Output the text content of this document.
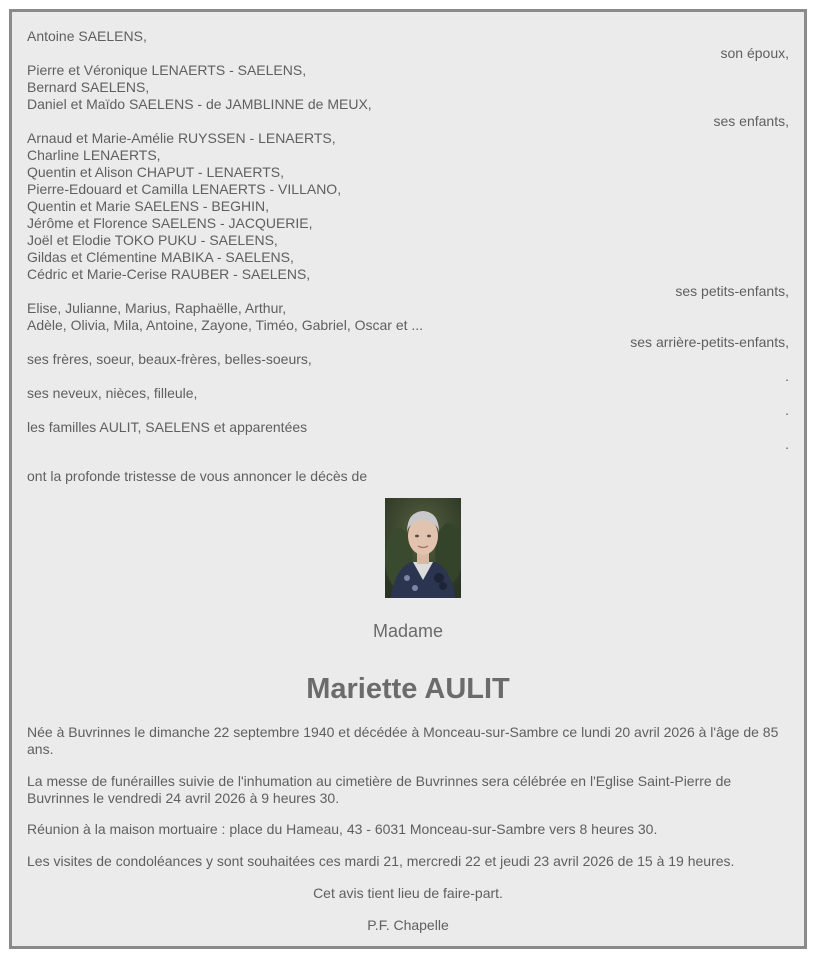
Antoine SAELENS,
son époux,
Pierre et Véronique LENAERTS - SAELENS,
Bernard SAELENS,
Daniel et Maïdo SAELENS - de JAMBLINNE de MEUX,
ses enfants,
Arnaud et Marie-Amélie RUYSSEN - LENAERTS,
Charline LENAERTS,
Quentin et Alison CHAPUT - LENAERTS,
Pierre-Edouard et Camilla LENAERTS - VILLANO,
Quentin et Marie SAELENS - BEGHIN,
Jérôme et Florence SAELENS - JACQUERIE,
Joël et Elodie TOKO PUKU - SAELENS,
Gildas et Clémentine MABIKA - SAELENS,
Cédric et Marie-Cerise RAUBER - SAELENS,
ses petits-enfants,
Elise, Julianne, Marius, Raphaëlle, Arthur,
Adèle, Olivia, Mila, Antoine, Zayone, Timéo, Gabriel, Oscar et ...
ses arrière-petits-enfants,
ses frères, soeur, beaux-frères, belles-soeurs,
.
ses neveux, nièces, filleule,
.
les familles AULIT, SAELENS et apparentées
.
ont la profonde tristesse de vous annoncer le décès de
Madame
Mariette AULIT
Née à Buvrinnes le dimanche 22 septembre 1940 et décédée à Monceau-sur-Sambre ce lundi 20 avril 2026 à l'âge de 85 ans.
La messe de funérailles suivie de l'inhumation au cimetière de Buvrinnes sera célébrée en l'Eglise Saint-Pierre de Buvrinnes le vendredi 24 avril 2026 à 9 heures 30.
Réunion à la maison mortuaire : place du Hameau, 43 - 6031 Monceau-sur-Sambre vers 8 heures 30.
Les visites de condoléances y sont souhaitées ces mardi 21, mercredi 22 et jeudi 23 avril 2026 de 15 à 19 heures.
Cet avis tient lieu de faire-part.
P.F. Chapelle
